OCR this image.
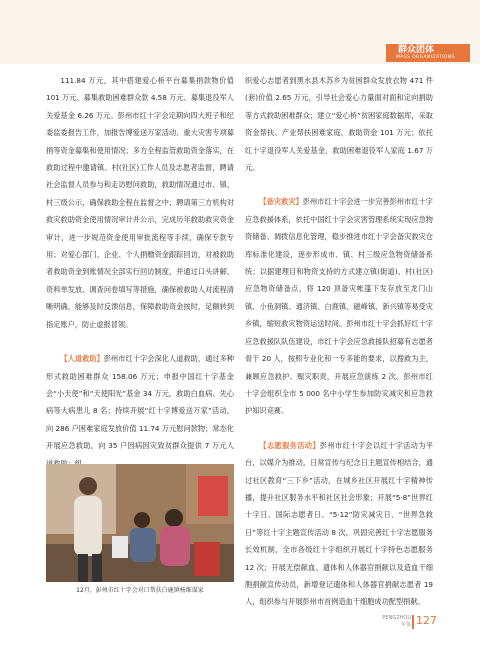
群众团体
MASS ORGANIZATIONS

111.84 万元，其中搭建爱心桥平台募集捐款物价值 101 万元、募集救助困难群众款 4.58 万元、募集退役军人关爱基金 6.26 万元。彭州市红十字会定期向四大班子和纪委监委报告工作，加报告博爱送万家活动、重大灾害专项募捐等资金募集和使用情况；多方全程监管救助资金落实，在救助过程中邀请镇、村(社区)工作人员及志愿者监督，聘请社会监督人员参与和走访慰问救助，救助情况通过市、镇、村三级公示，确保救助全程在监督之中；聘请第三方机构对救灾救助资金使用情况审计并公示，完成历年救助救灾资金审计，进一步规范资金使用审批流程等手续，确保专款专用；对爱心部门、企业、个人捐赠资金跟踪回访，对被救助者救助资金到账情况全部实行回访制度，并通过口头讲解、资料单发放、调查问卷填写等措施，确保被救助人对流程清晰明确，能够及时反馈信息，保障救助资金按时、足额转到指定账户，防止虚报冒领。

【人道救助】彭州市红十字会深化人道救助，通过多种形式救助困难群众 158.06 万元；申报中国红十字基金会“小天使”和“天使阳光”基金 34 万元，救助白血病、先心病等大病患儿 8 名；持续开展“红十字博爱送万家”活动，向 286 户困难家庭发放价值 11.74 万元慰问款物；常态化开展应急救助，向 35 户因病因灾致贫群众提供 7 万元人

12月，彭州市红十字会对口帮扶白鹿镇杨维谋家

织爱心志愿者到黑水县木苏乡为贫困群众发放衣物 471 件(套)价值 2.65 万元，引导社会爱心力量面对面和定向捐助等方式救助困难群众；建立“爱心桥”贫困家庭数据库，采取资金帮扶、产业帮扶困难家庭，救助资金 101 万元；依托红十字退役军人关爱基金，救助困难退役军人家庭 1.67 万元。

【备灾救灾】彭州市红十字会进一步完善彭州市红十字应急救援体系，依托中国红十字会灾害管理系统实现应急物资储备、调拨信息化管理，稳步推进市红十字会备灾救灾仓库标准化建设，逐步形成市、镇、村三级应急物资储备系统；以据建理目和物资支持的方式建立镇(街道)、村(社区)应急物资储备点，将 120 顶备灾帐篷下发存放至龙门山镇、小鱼洞镇、通济镇、白鹿镇、磁峰镇、新兴镇等易受灾乡镇，缩短救灾物资运送时间。彭州市红十字会抓好红十字应急救援队队伍建设，市红十字会应急救援队招募有志愿者骨干 20 人，按照专业化和一专多能的要求，以搜救为主，兼顾应急救护、赈灾职责，开展应急演练 2 次。彭州市红十字会组织全市 5 000 名中小学生参加防灾减灾和应急救护知识竞赛。

【志愿服务活动】彭州市红十字会以红十字活动为平台，以媒介为推动，日常宣传与纪念日主题宣传相结合，通过社区教育“三下乡”活动，在城乡社区开展红十字精神传播，提升社区服务水平和社区社会形象；开展“5·8”世界红十字日、国际志愿者日、“5·12”防灾减灾日、“世界急救日”等红十字主题宣传活动 8 次，巩固完善红十字志愿服务长效机制，全市各级红十字组织开展红十字特色志愿服务 12 次；开展无偿献血、遗体和人体器官捐献以及造血干细胞捐献宣传动员，新增登记遗体和人体器官捐献志愿者 19 人，组织参与开展彭州市首例造血干细胞成功配型捐献。

PENGZHOU
年鉴 127
